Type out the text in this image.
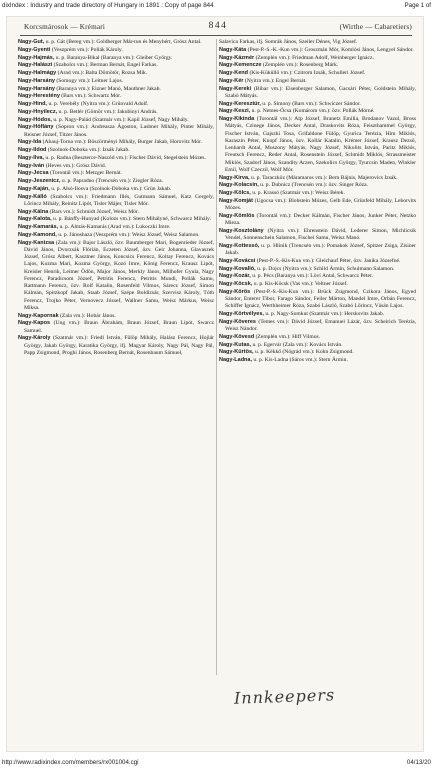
dixIndex : Industry and trade directory of Hungary in 1891 : Copy of page 844	Page 1 of
Korcsmárosok — Krémari	844	(Wirthe — Cabaretiers)
Nagy-Gut, u. p. Gát (Bereg vm.): Goldberger Már-ton és Menyhért, Grósz Antal.
Nagy-Gyenti (Veszprém vm.): Pollák Károly.
Nagy-Hajmás, u. p. Baranya-Bikal (Baranya vm.): Gleiber György.
Nagy-Halászi (Szabolcs vm.): Berman Bernát, Engel Farkas.
Nagy-Halmágy (Arad vm.): Balta Dömötör, Rozsa Mik.
Nagy-Harsány (Somogy vm.): Leitner Lajos.
Nagy-Harsány (Baranya vm.): Eizner Manó, Mauthner Jakab.
Nagy-Herestény (Bars vm.): Schwartz Mór.
Nagy-Hind, u. p. Verebély (Nyitra vm.): Grünvald Adolf.
Nagy-Hnyilecz, u. p. Betlér (Gömör vm.): Jakubinyi András.
Nagy-Hódos, u. p. Nagy-Palád (Szatmár vm.): Kapil József, Nagy Mihály.
Nagy-Höflány (Sopron vm.): Andreasza Ágoston, Lasbner Mihály, Pinter Mihály, Reisner József, Titzer János.
Nagy-Ida (Abauj-Torna vm.): Böszörményi Mihály, Burger Jakab, Horovitz Mór.
Nagy-Ildod (Szolnok-Doboka vm.): Izsák Jakab.
Nagy-Ilva, u. p. Radna (Beszterce-Naszód vm.): Fischer Dávid, Stegelstein Mózes.
Nagy-Iván (Heves vm.): Grósz Dávid.
Nagy-Jecsa (Torontál vm.): Metzger Bernát.
Nagy-Jeszenicz, u. p. Papradno (Trencsén vm.): Ziegler Róza.
Nagy-Kaján, u. p. Alsó-Ilosva (Szolnok-Doboka vm.): Grün Jakab.
Nagy-Kálló (Szabolcs vm.): Friedmann Illés, Gutmann Sámuel, Katz Gergely, Lőrincz Mihály, Reinitz Lipót, Tisler Májer, Tisler Mór.
Nagy-Kálna (Bars vm.): Schmidt József, Weisz Mór.
Nagy-Kalota, u. p. Bánffy-Hunyad (Kolozs vm.): Stern Mihályné, Schwarcz Mihály.
Nagy-Kamarás, u. p. Almás-Kamarás (Arad vm.): Lukoczki Imre.
Nagy-Kamond, u. p. Jánoshaza (Veszprém vm.): Weisz József, Weisz Salamon.
Nagy-Kanizsa (Zala vm.): Bajor László, özv. Baumberger Mari, Bogenrieder József, Dávid János, Dvorzsák Flórián, Eczeten József, özv. Geir Johanna, Glavaszek József, Grósz Albert, Kasztner János, Koncsics Ferencz, Koltay Ferencz, Kovács Lajos, Kozma Mari, Kozma György, Kozó Imre, König Ferencz, Krausz Lipót, Kreisler Henrik, Leitner Ödön, Major János, Merkly János, Milhofer Gyula, Nagy Ferencz, Paradicsom József, Petritis Ferencz, Petritis Mundi, Pollák Samu, Rattmann Ferencz, özv. Rolf Katalin, Rosenfeld Vilmos, Sárecz József, Simon Kálmán, Spitzkopf Jakab, Staab József, Szépe Boldizsár, Szervisz Károly, Tóth Ferencz, Trojko Péter, Vernovecz József, Wallner Samu, Weisz Márkus, Weisz Miksa.
Nagy-Kapornak (Zala vm.): Hobár János.
Nagy-Kapos (Ung vm.): Braun Ábrahám, Braun József, Braun Lipót, Swarcz Samuel.
Nagy-Károly (Szatmár vm.): Friedl István, Fülöp Mihály, Halász Ferencz, Hojlár György, Jakab György, Karatika György, ifj. Magyar Károly, Nagy Pál, Nagy Pál, Papp Zsigmond, Proghi János, Rosenberg Bernát, Rosenbaum Sámuel,
Salavica Farkas, ifj. Somrák János, Szeiler Dénes, Vig József.
Nagy-Káta (Pest-P.-S.-K.-Kun vm.): Groszmán Mór, Komlósi János, Lengyel Sándor.
Nagy-Kázmér (Zemplén vm.): Friedman Adolf, Weinberger Ignácz.
Nagy-Kemencze (Zemplén vm.): Rosenberg Márk.
Nagy-Kend (Kis-Küküllő vm.): Czitrom Izsák, Schulleri József.
Nagy-Kér (Nyitra vm.): Engel Bernát.
Nagy-Kereki (Bihar vm.): Eisenberger Salamon, Gacsári Péter, Goldstein Mihály, Szabó Mátyás.
Nagy-Keresztúr, u. p. Simony (Bars vm.): Schwiczer Sándor.
Nagy-Keszi, u. p. Nemes-Ócsa (Komárom vm.): özv. Pollák Mórné.
Nagy-Kikinda (Torontál vm.): Alp József, Branetz Emilia, Brodanov Vazul, Bross Mátyás, Czinege János, Decker Antal, Draskovits Róza, Feiszthammel György, Fischer István, Gajszki Tosa, Grifaldone Fülöp, Gyurica Terézia, Him Miklós, Karaszin Péter, Knopf János, özv. Kollár Katalin, Krémer József, Krausz Dezső, Lenhardt Antal, Muszony Mátyás, Nagy József, Nikolits István, Paritz Miklós, Freutsch Ferencz, Reder Antal, Rosenstein József, Schmidt Miklós, Strassmeister Miklós, Szadorf János, Szandity Arzen, Szekolics György, Tyurcsin Maden, Winkler Emil, Wolf Czeczil, Wolf Mór.
Nagy-Kirva, u. p. Taraczköz (Máramaros vm.): Bern Bájnis, Majerovics Izsák.
Nagy-Kolacsin, u. p. Dubnicz (Trencsén vm.): özv. Singer Róza.
Nagy-Kölcs, u. p. Krassó (Szatmár vm.): Weisz Bérek.
Nagy-Komját (Ugocsa vm.): Blobstein Mózes, Gelb Ede, Grünfeld Mihály, Leborvits Mózes.
Nagy-Kömlös (Torontál vm.): Decker Kálmán, Fischer János, Junker Péter, Netzko Mieza.
Nagy-Kosztolány (Nyitra vm.): Ehrenstein Dávid, Lederer Simon, Michlicsik Vendel, Sonnenschein Salamon, Fischel Samu, Weisz Manó.
Nagy-Kottessó, u. p. Hlinik (Trencsén vm.): Pomakok József, Spitzer Zsiga, Zisiner Jakab.
Nagy-Kovácsi (Pest-P.-S.-Kis-Kun vm.): Gleichauf Péter, özv. Janika Józsefné.
Nagy-Kovalló, u. p. Dojcs (Nyitra vm.): Schild Ármin, Schulmann Salamon.
Nagy-Kozár, u. p. Pécs (Baranya vm.): Löví Antal, Schwarcz Péter.
Nagy-Köcsk, u. p. Kis-Köcsk (Vas vm.): Veltner József.
Nagy-Körös (Pest-P.-S.-Kis-Kun vm.): Brück Zsigmond, Czikora János, Egyed Sándor, Enterer Tibor, Farago Sándor, Feiler Márton, Mandel Imre, Orbán Ferencz, Schiffer Ignácz, Werthheimer Róza, Szabó László, Szabó Lőrincz, Vásán Lajos.
Nagy-Körtvélyes, u. p. Nagy-Somkut (Szatmár vm.): Herskovits Jakab.
Nagy-Köveres (Temes vm.): Dávid József, Emanuel Lázár, özv. Scheirich Terézia, Weisz Nándor.
Nagy-Kövesd (Zemplén vm.): Hiff Vilmos.
Nagy-Kutas, u. p. Egervár (Zala vm.): Kovács István.
Nagy-Kürtös, u. p. Kékkő (Nógrád vm.): Kohn Zsigmond.
Nagy-Ladna, u. p. Kis-Ladna (Sáros vm.): Stern Ármin.
Innkeepers
http://www.radixindex.com/members/rx001004.cgi	04/13/20
